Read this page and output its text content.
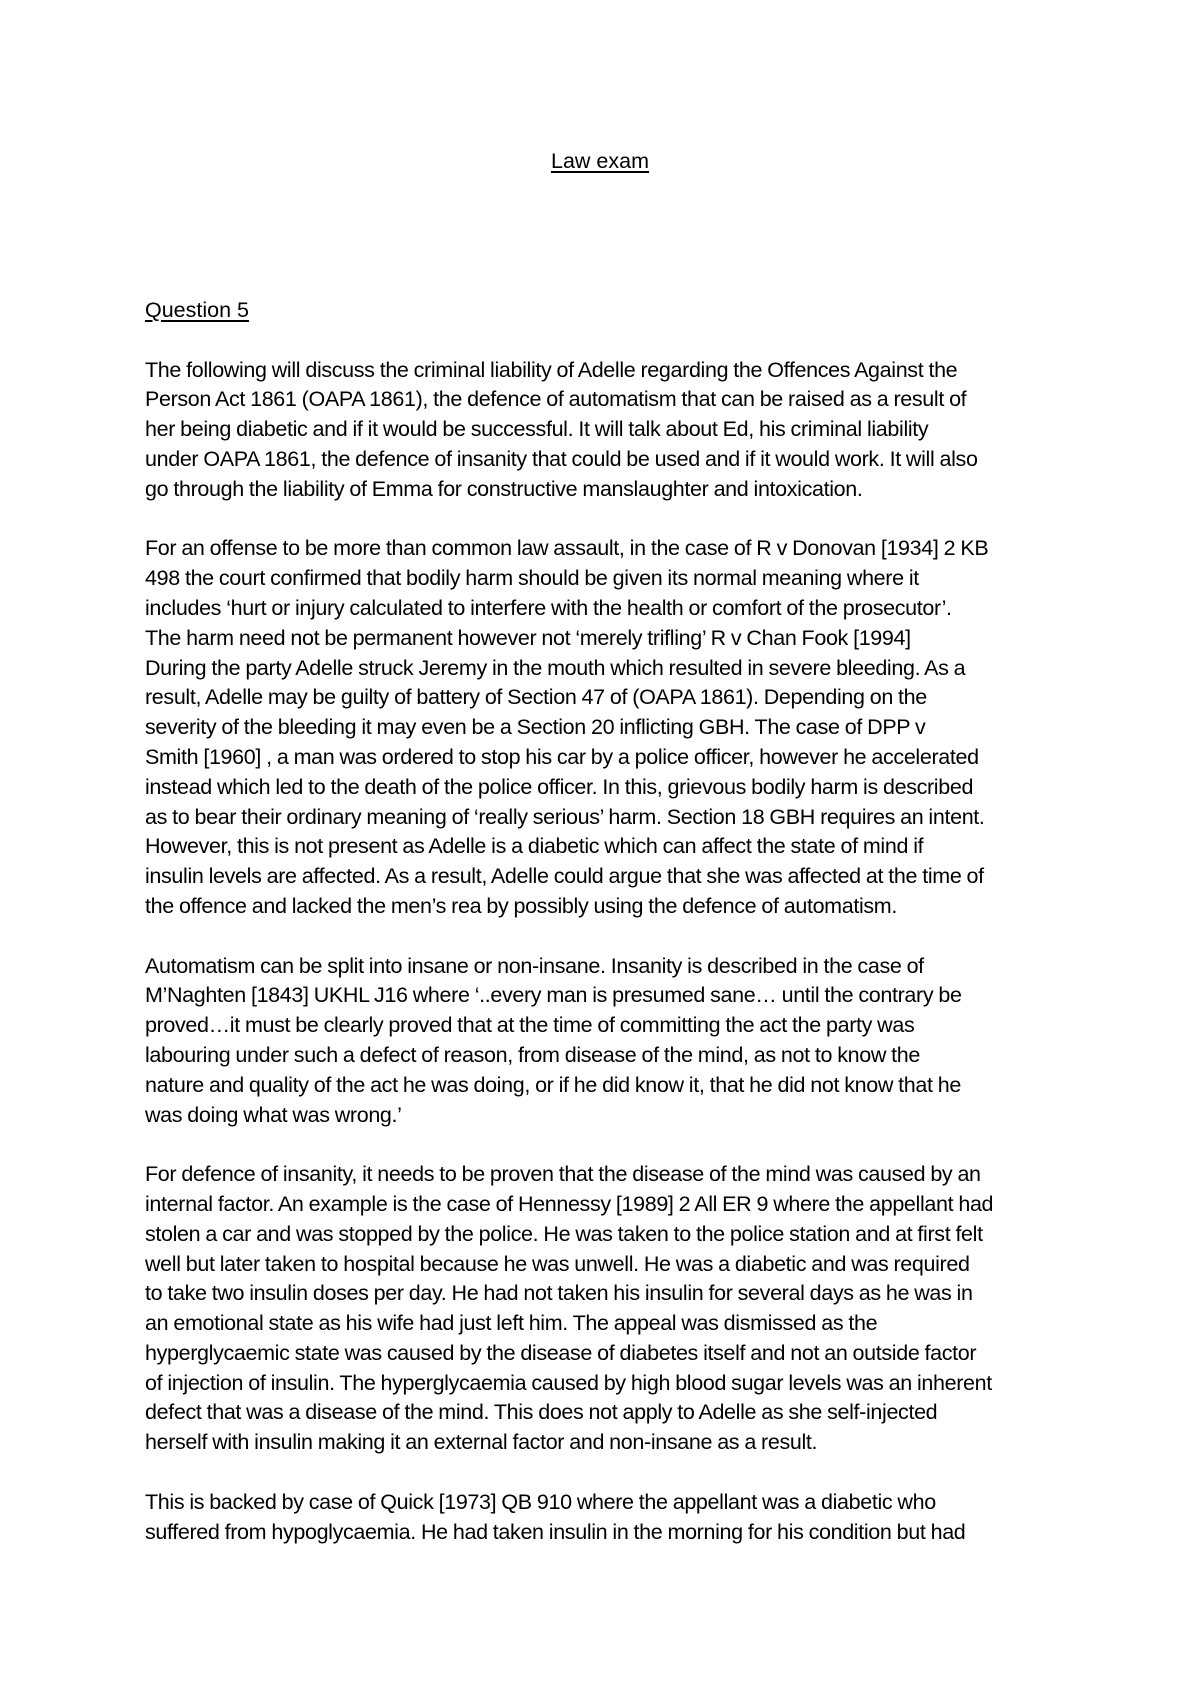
Law exam
Question 5
The following will discuss the criminal liability of Adelle regarding the Offences Against the
Person Act 1861 (OAPA 1861), the defence of automatism that can be raised as a result of
her being diabetic and if it would be successful. It will talk about Ed, his criminal liability
under OAPA 1861, the defence of insanity that could be used and if it would work. It will also
go through the liability of Emma for constructive manslaughter and intoxication.
For an offense to be more than common law assault, in the case of R v Donovan [1934] 2 KB
498 the court confirmed that bodily harm should be given its normal meaning where it
includes ‘hurt or injury calculated to interfere with the health or comfort of the prosecutor’.
The harm need not be permanent however not ‘merely trifling’ R v Chan Fook [1994]
During the party Adelle struck Jeremy in the mouth which resulted in severe bleeding. As a
result, Adelle may be guilty of battery of Section 47 of (OAPA 1861). Depending on the
severity of the bleeding it may even be a Section 20 inflicting GBH. The case of DPP v
Smith [1960] , a man was ordered to stop his car by a police officer, however he accelerated
instead which led to the death of the police officer. In this, grievous bodily harm is described
as to bear their ordinary meaning of ‘really serious’ harm. Section 18 GBH requires an intent.
However, this is not present as Adelle is a diabetic which can affect the state of mind if
insulin levels are affected. As a result, Adelle could argue that she was affected at the time of
the offence and lacked the men’s rea by possibly using the defence of automatism.
Automatism can be split into insane or non-insane. Insanity is described in the case of
M’Naghten [1843] UKHL J16 where ‘..every man is presumed sane… until the contrary be
proved…it must be clearly proved that at the time of committing the act the party was
labouring under such a defect of reason, from disease of the mind, as not to know the
nature and quality of the act he was doing, or if he did know it, that he did not know that he
was doing what was wrong.’
For defence of insanity, it needs to be proven that the disease of the mind was caused by an
internal factor. An example is the case of Hennessy [1989] 2 All ER 9 where the appellant had
stolen a car and was stopped by the police. He was taken to the police station and at first felt
well but later taken to hospital because he was unwell. He was a diabetic and was required
to take two insulin doses per day. He had not taken his insulin for several days as he was in
an emotional state as his wife had just left him. The appeal was dismissed as the
hyperglycaemic state was caused by the disease of diabetes itself and not an outside factor
of injection of insulin. The hyperglycaemia caused by high blood sugar levels was an inherent
defect that was a disease of the mind. This does not apply to Adelle as she self-injected
herself with insulin making it an external factor and non-insane as a result.
This is backed by case of Quick [1973] QB 910 where the appellant was a diabetic who
suffered from hypoglycaemia. He had taken insulin in the morning for his condition but had
